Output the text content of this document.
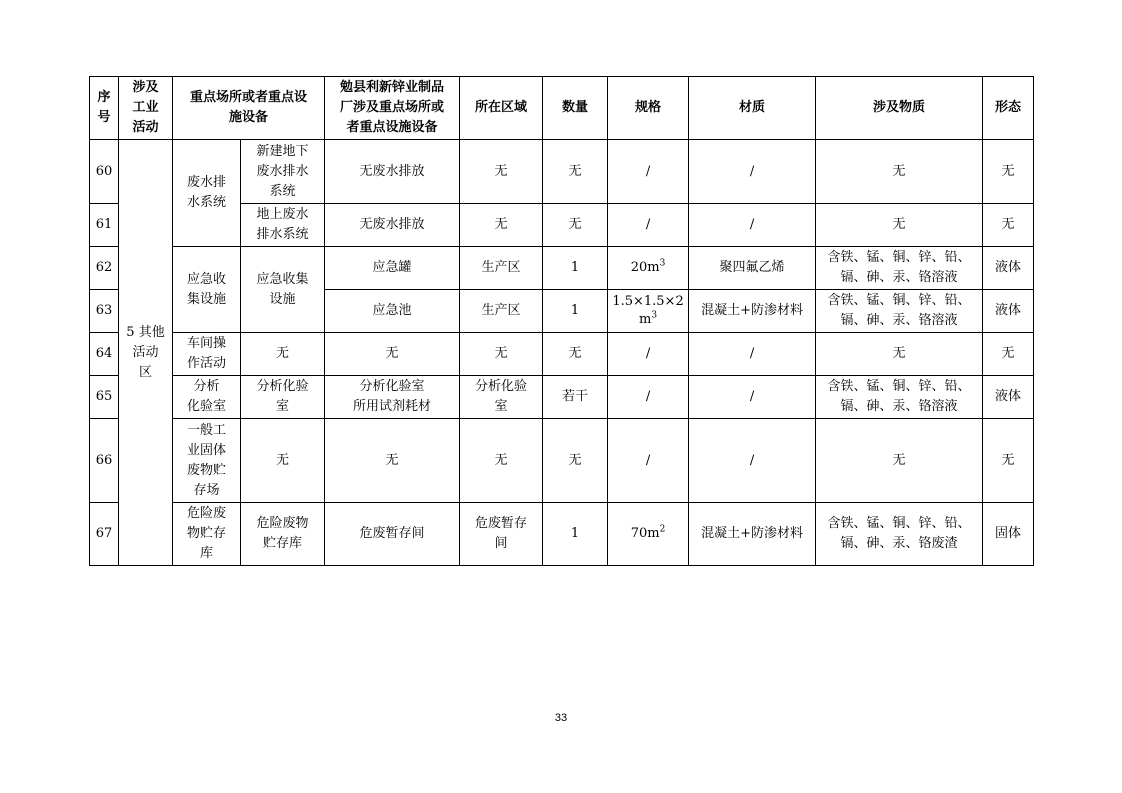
序
号	涉及
工业
活动	重点场所或者重点设
施设备		勉县利新锌业制品
厂涉及重点场所或
者重点设施设备	所在区域	数量	规格	材质	涉及物质	形态
60	5 其他
活动
区	废水排
水系统	新建地下
废水排水
系统	无废水排放	无	无	/	/	无	无
61			地上废水
排水系统	无废水排放	无	无	/	/	无	无
62		应急收
集设施	应急收集
设施	应急罐	生产区	1	$20m^3$	聚四氟乙烯	含铁、锰、铜、锌、铅、
镉、砷、汞、铬溶液	液体
63				应急池	生产区	1	1.5×1.5×2
$m^3$	混凝土+防渗材料	含铁、锰、铜、锌、铅、
镉、砷、汞、铬溶液	液体
64		车间操
作活动	无	无	无	无	/	/	无	无
65		分析
化验室	分析化验
室	分析化验室
所用试剂耗材	分析化验
室	若干	/	/	含铁、锰、铜、锌、铅、
镉、砷、汞、铬溶液	液体
66		一般工
业固体
废物贮
存场	无	无	无	无	/	/	无	无
67		危险废
物贮存
库	危险废物
贮存库	危废暂存间	危废暂存
间	1	$70m^2$	混凝土+防渗材料	含铁、锰、铜、锌、铅、
镉、砷、汞、铬废渣	固体
33
